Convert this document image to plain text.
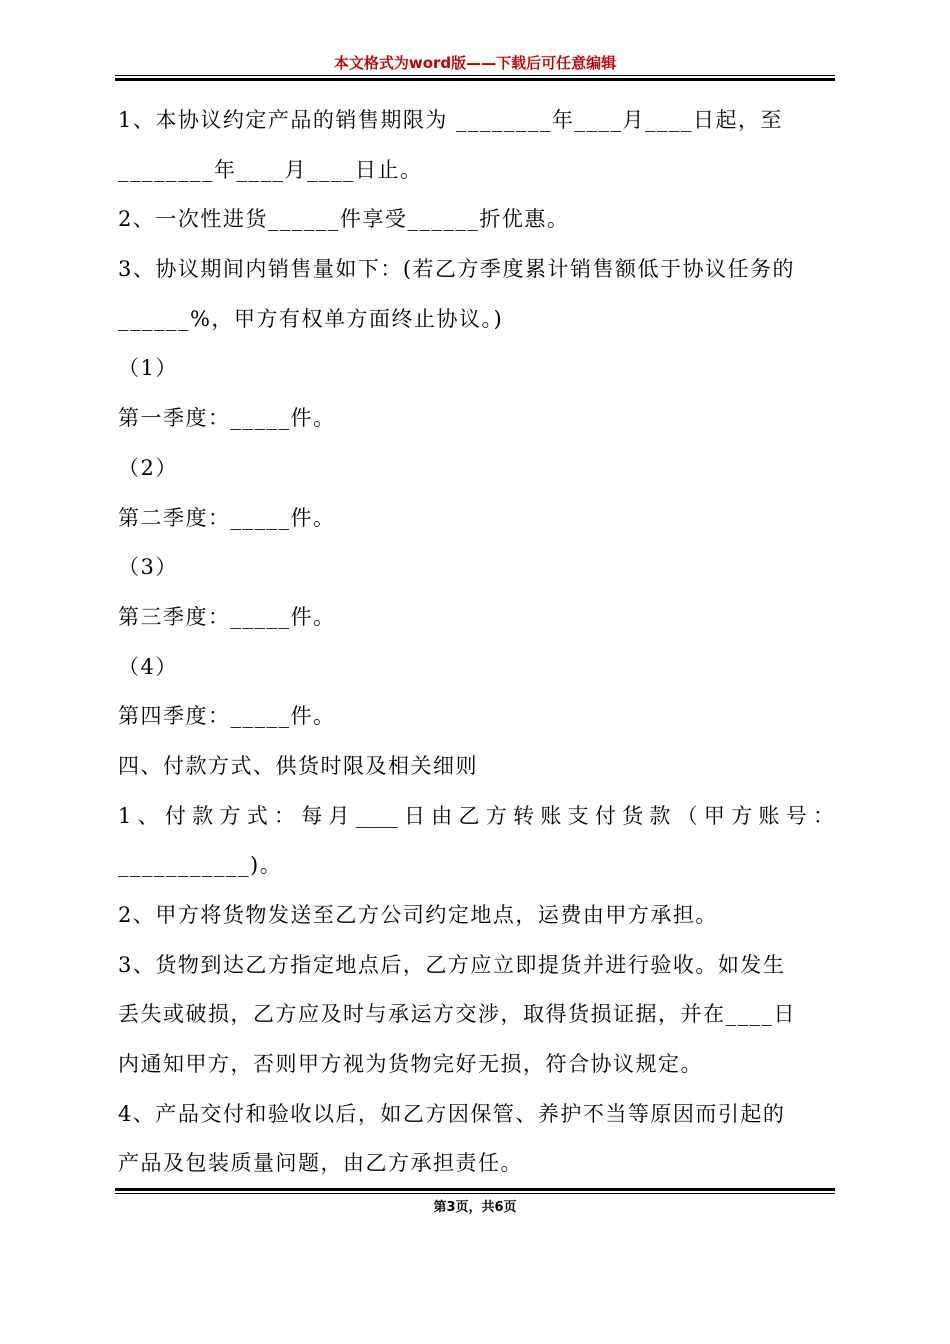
本文格式为word版——下载后可任意编辑
1、本协议约定产品的销售期限为 ________年____月____日起，至
________年____月____日止。
2、一次性进货______件享受______折优惠。
3、协议期间内销售量如下：(若乙方季度累计销售额低于协议任务的
______%，甲方有权单方面终止协议。)
（1）
第一季度：_____件。
（2）
第二季度：_____件。
（3）
第三季度：_____件。
（4）
第四季度：_____件。
四、付款方式、供货时限及相关细则
1、付款方式：每月____日由乙方转账支付货款（甲方账号：
___________)。
2、甲方将货物发送至乙方公司约定地点，运费由甲方承担。
3、货物到达乙方指定地点后，乙方应立即提货并进行验收。如发生
丢失或破损，乙方应及时与承运方交涉，取得货损证据，并在____日
内通知甲方，否则甲方视为货物完好无损，符合协议规定。
4、产品交付和验收以后，如乙方因保管、养护不当等原因而引起的
产品及包装质量问题，由乙方承担责任。
第3页，共6页
